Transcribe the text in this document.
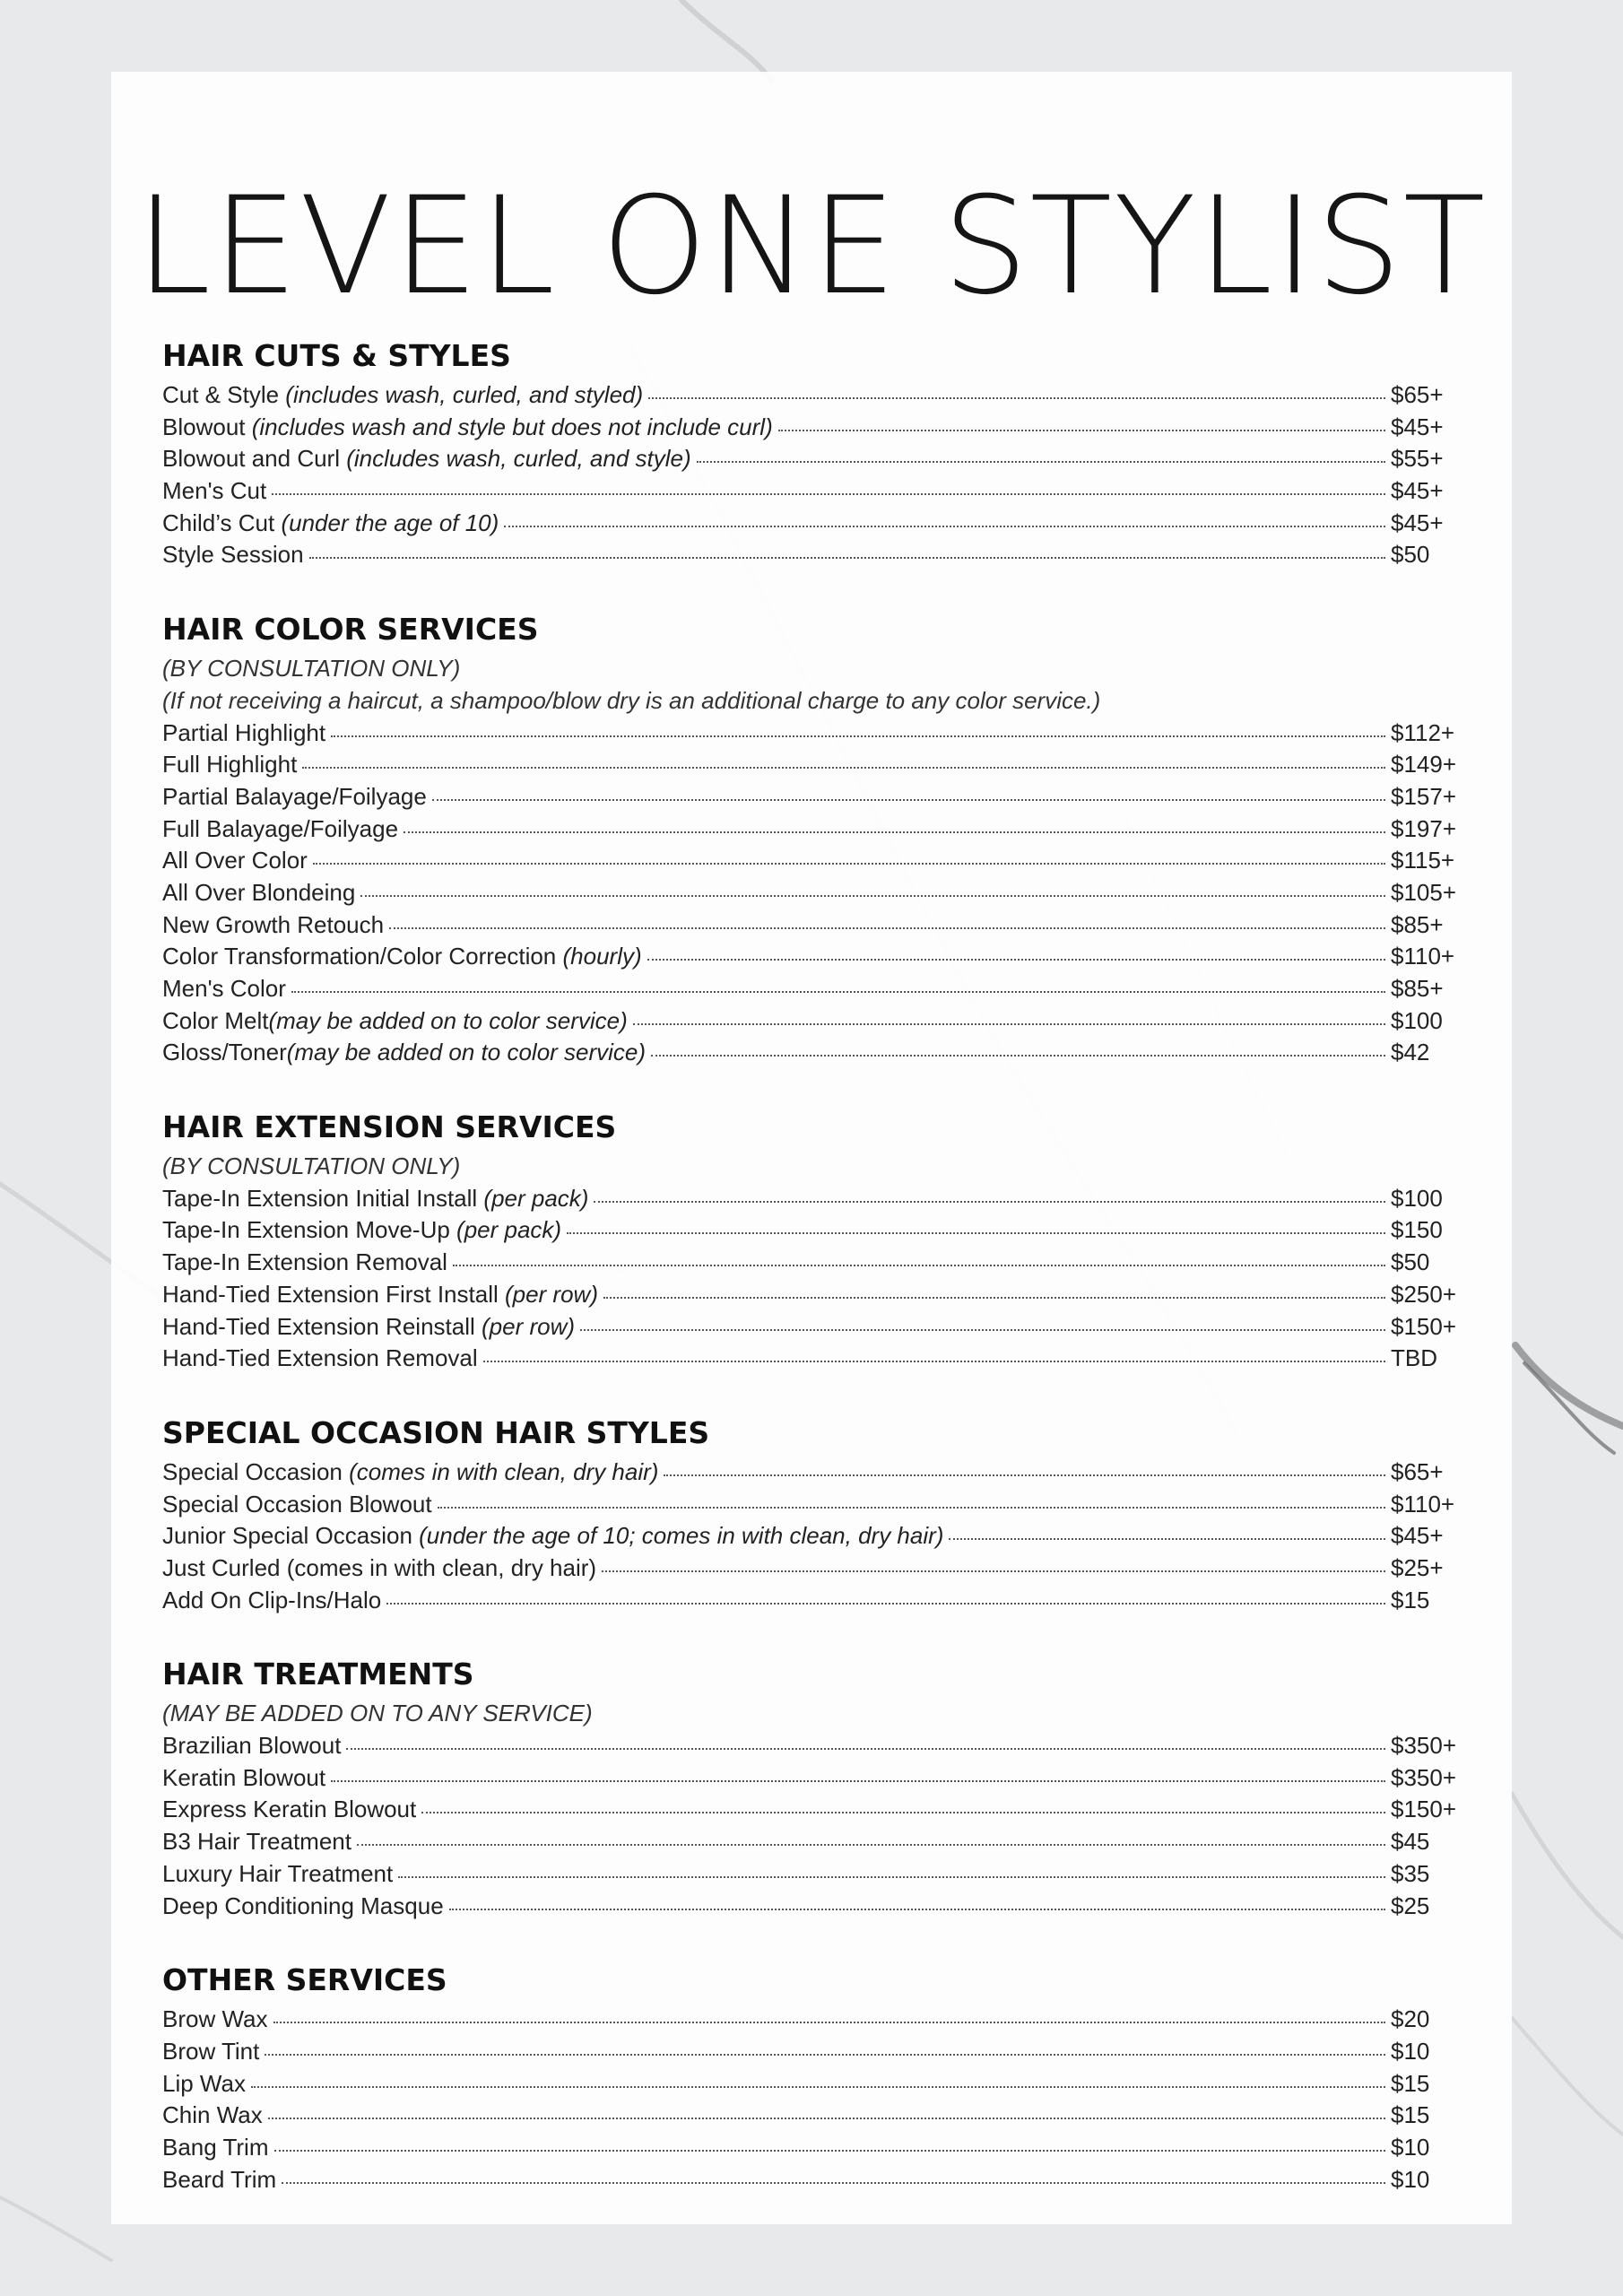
LEVEL ONE STYLIST
HAIR CUTS & STYLES
Cut & Style (includes wash, curled, and styled)	$65+
Blowout (includes wash and style but does not include curl)	$45+
Blowout and Curl (includes wash, curled, and style)	$55+
Men's Cut	$45+
Child’s Cut (under the age of 10)	$45+
Style Session	$50
HAIR COLOR SERVICES
(BY CONSULTATION ONLY)
(If not receiving a haircut, a shampoo/blow dry is an additional charge to any color service.)
Partial Highlight	$112+
Full Highlight	$149+
Partial Balayage/Foilyage	$157+
Full Balayage/Foilyage	$197+
All Over Color	$115+
All Over Blondeing	$105+
New Growth Retouch	$85+
Color Transformation/Color Correction (hourly)	$110+
Men's Color	$85+
Color Melt(may be added on to color service)	$100
Gloss/Toner(may be added on to color service)	$42
HAIR EXTENSION SERVICES
(BY CONSULTATION ONLY)
Tape-In Extension Initial Install (per pack)	$100
Tape-In Extension Move-Up (per pack)	$150
Tape-In Extension Removal	$50
Hand-Tied Extension First Install (per row)	$250+
Hand-Tied Extension Reinstall (per row)	$150+
Hand-Tied Extension Removal	TBD
SPECIAL OCCASION HAIR STYLES
Special Occasion (comes in with clean, dry hair)	$65+
Special Occasion Blowout	$110+
Junior Special Occasion (under the age of 10; comes in with clean, dry hair)	$45+
Just Curled (comes in with clean, dry hair)	$25+
Add On Clip-Ins/Halo	$15
HAIR TREATMENTS
(MAY BE ADDED ON TO ANY SERVICE)
Brazilian Blowout	$350+
Keratin Blowout	$350+
Express Keratin Blowout	$150+
B3 Hair Treatment	$45
Luxury Hair Treatment	$35
Deep Conditioning Masque	$25
OTHER SERVICES
Brow Wax	$20
Brow Tint	$10
Lip Wax	$15
Chin Wax	$15
Bang Trim	$10
Beard Trim	$10
